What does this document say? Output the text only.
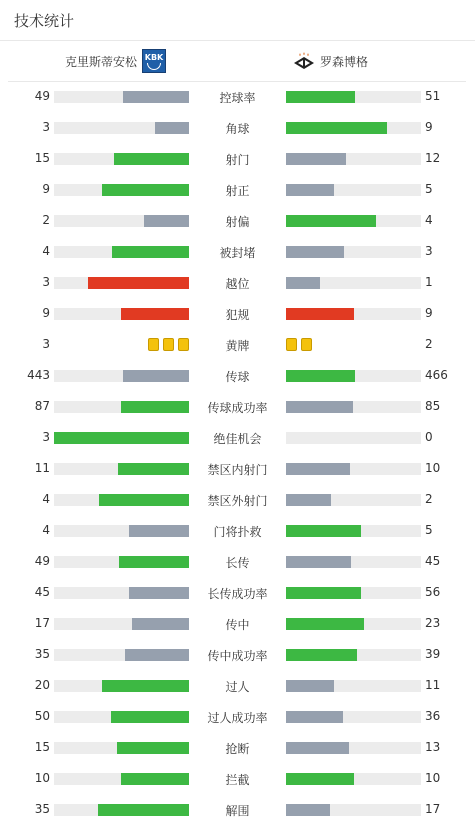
技术统计
克里斯蒂安松 KBK	罗森博格
49	控球率	51
3	角球	9
15	射门	12
9	射正	5
2	射偏	4
4	被封堵	3
3	越位	1
9	犯规	9
3	黄牌	2
443	传球	466
87	传球成功率	85
3	绝佳机会	0
11	禁区内射门	10
4	禁区外射门	2
4	门将扑救	5
49	长传	45
45	长传成功率	56
17	传中	23
35	传中成功率	39
20	过人	11
50	过人成功率	36
15	抢断	13
10	拦截	10
35	解围	17
